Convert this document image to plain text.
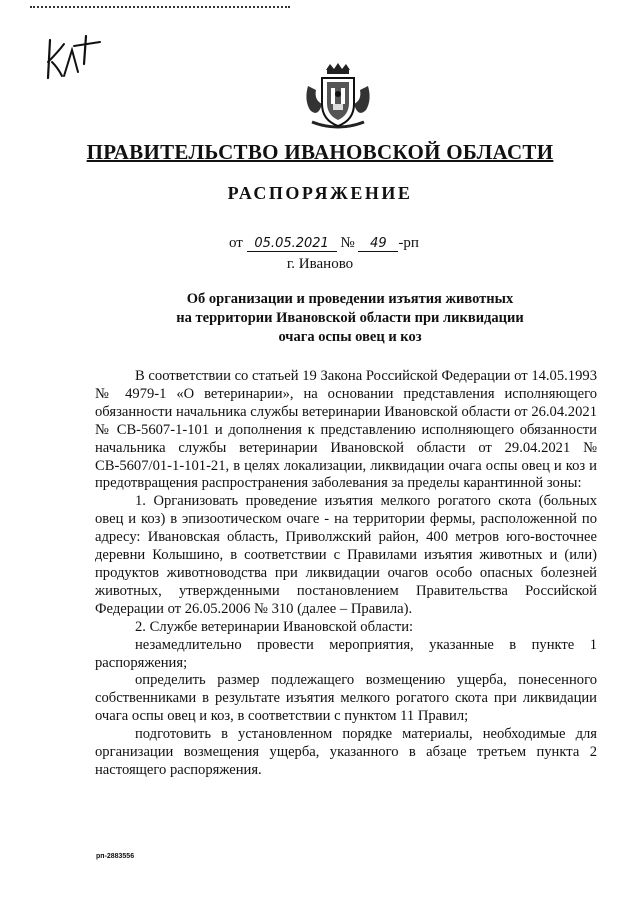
ПРАВИТЕЛЬСТВО ИВАНОВСКОЙ ОБЛАСТИ
РАСПОРЯЖЕНИЕ
от 05.05.2021 № 49 -рп
г. Иваново
Об организации и проведении изъятия животных
на территории Ивановской области при ликвидации
очага оспы овец и коз

В соответствии со статьей 19 Закона Российской Федерации от 14.05.1993 № 4979-1 «О ветеринарии», на основании представления исполняющего обязанности начальника службы ветеринарии Ивановской области от 26.04.2021 № СВ-5607-1-101 и дополнения к представлению исполняющего обязанности начальника службы ветеринарии Ивановской области от 29.04.2021 № СВ-5607/01-1-101-21, в целях локализации, ликвидации очага оспы овец и коз и предотвращения распространения заболевания за пределы карантинной зоны:

1. Организовать проведение изъятия мелкого рогатого скота (больных овец и коз) в эпизоотическом очаге - на территории фермы, расположенной по адресу: Ивановская область, Приволжский район, 400 метров юго-восточнее деревни Колышино, в соответствии с Правилами изъятия животных и (или) продуктов животноводства при ликвидации очагов особо опасных болезней животных, утвержденными постановлением Правительства Российской Федерации от 26.05.2006 № 310 (далее – Правила).

2. Службе ветеринарии Ивановской области:

незамедлительно провести мероприятия, указанные в пункте 1 распоряжения;

определить размер подлежащего возмещению ущерба, понесенного собственниками в результате изъятия мелкого рогатого скота при ликвидации очага оспы овец и коз, в соответствии с пунктом 11 Правил;

подготовить в установленном порядке материалы, необходимые для организации возмещения ущерба, указанного в абзаце третьем пункта 2 настоящего распоряжения.

рп-2883556
